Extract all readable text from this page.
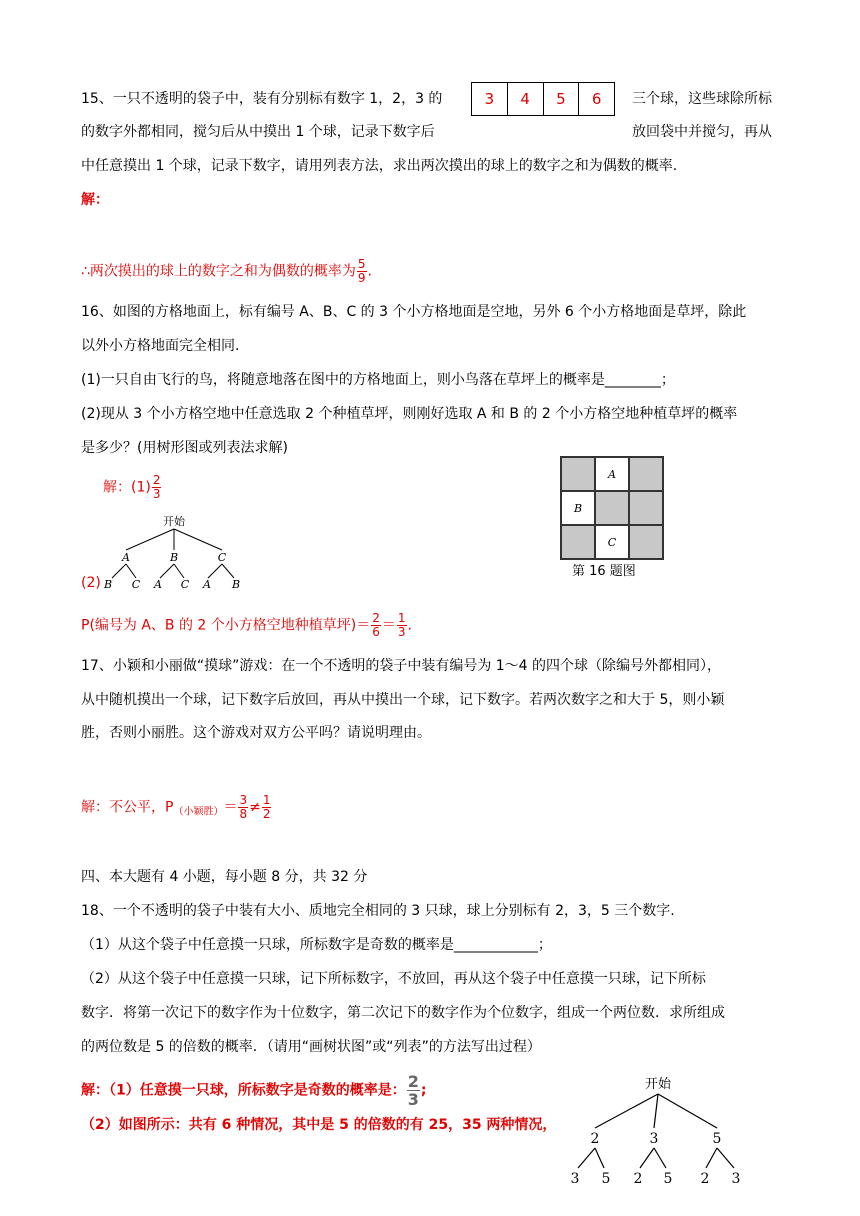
15、一只不透明的袋子中，装有分别标有数字 1，2，3 的	3	4	5	6	三个球，这些球除所标
的数字外都相同，搅匀后从中摸出 1 个球，记录下数字后	放回袋中并搅匀，再从
中任意摸出 1 个球，记录下数字，请用列表方法，求出两次摸出的球上的数字之和为偶数的概率.
解：
∴两次摸出的球上的数字之和为偶数的概率为 $\frac{5}{9}$ .
16、如图的方格地面上，标有编号 A、B、C 的 3 个小方格地面是空地，另外 6 个小方格地面是草坪，除此
以外小方格地面完全相同.
(1)一只自由飞行的鸟，将随意地落在图中的方格地面上，则小鸟落在草坪上的概率是________；
(2)现从 3 个小方格空地中任意选取 2 个种植草坪，则刚好选取 A 和 B 的 2 个小方格空地种植草坪的概率
是多少？(用树形图或列表法求解)
解：$(1) \frac{2}{3}$
开始
A	B	C
B C A C A B
(2)
A
B
C
第 16 题图
P(编号为 A、B 的 2 个小方格空地种植草坪)＝ $\frac{2}{6} = \frac{1}{3}$ .
17、小颖和小丽做“摸球”游戏：在一个不透明的袋子中装有编号为 1～4 的四个球（除编号外都相同），
从中随机摸出一个球，记下数字后放回，再从中摸出一个球，记下数字。若两次数字之和大于 5，则小颖
胜，否则小丽胜。这个游戏对双方公平吗？请说明理由。
解：不公平，$P_{(小颖胜)}= \frac{3}{8} \ne \frac{1}{2}$
四、本大题有 4 小题，每小题 8 分，共 32 分
18、一个不透明的袋子中装有大小、质地完全相同的 3 只球，球上分别标有 2，3，5 三个数字.
（1）从这个袋子中任意摸一只球，所标数字是奇数的概率是____________；
（2）从这个袋子中任意摸一只球，记下所标数字，不放回，再从这个袋子中任意摸一只球，记下所标
数字．将第一次记下的数字作为十位数字，第二次记下的数字作为个位数字，组成一个两位数．求所组成
的两位数是 5 的倍数的概率．（请用“画树状图”或“列表”的方法写出过程）
解：（1）任意摸一只球，所标数字是奇数的概率是： $\frac{2}{3}$ ;
（2）如图所示：共有 6 种情况，其中是 5 的倍数的有 25，35 两种情况，
开始
2	3	5
3 5 2 5 2 3
